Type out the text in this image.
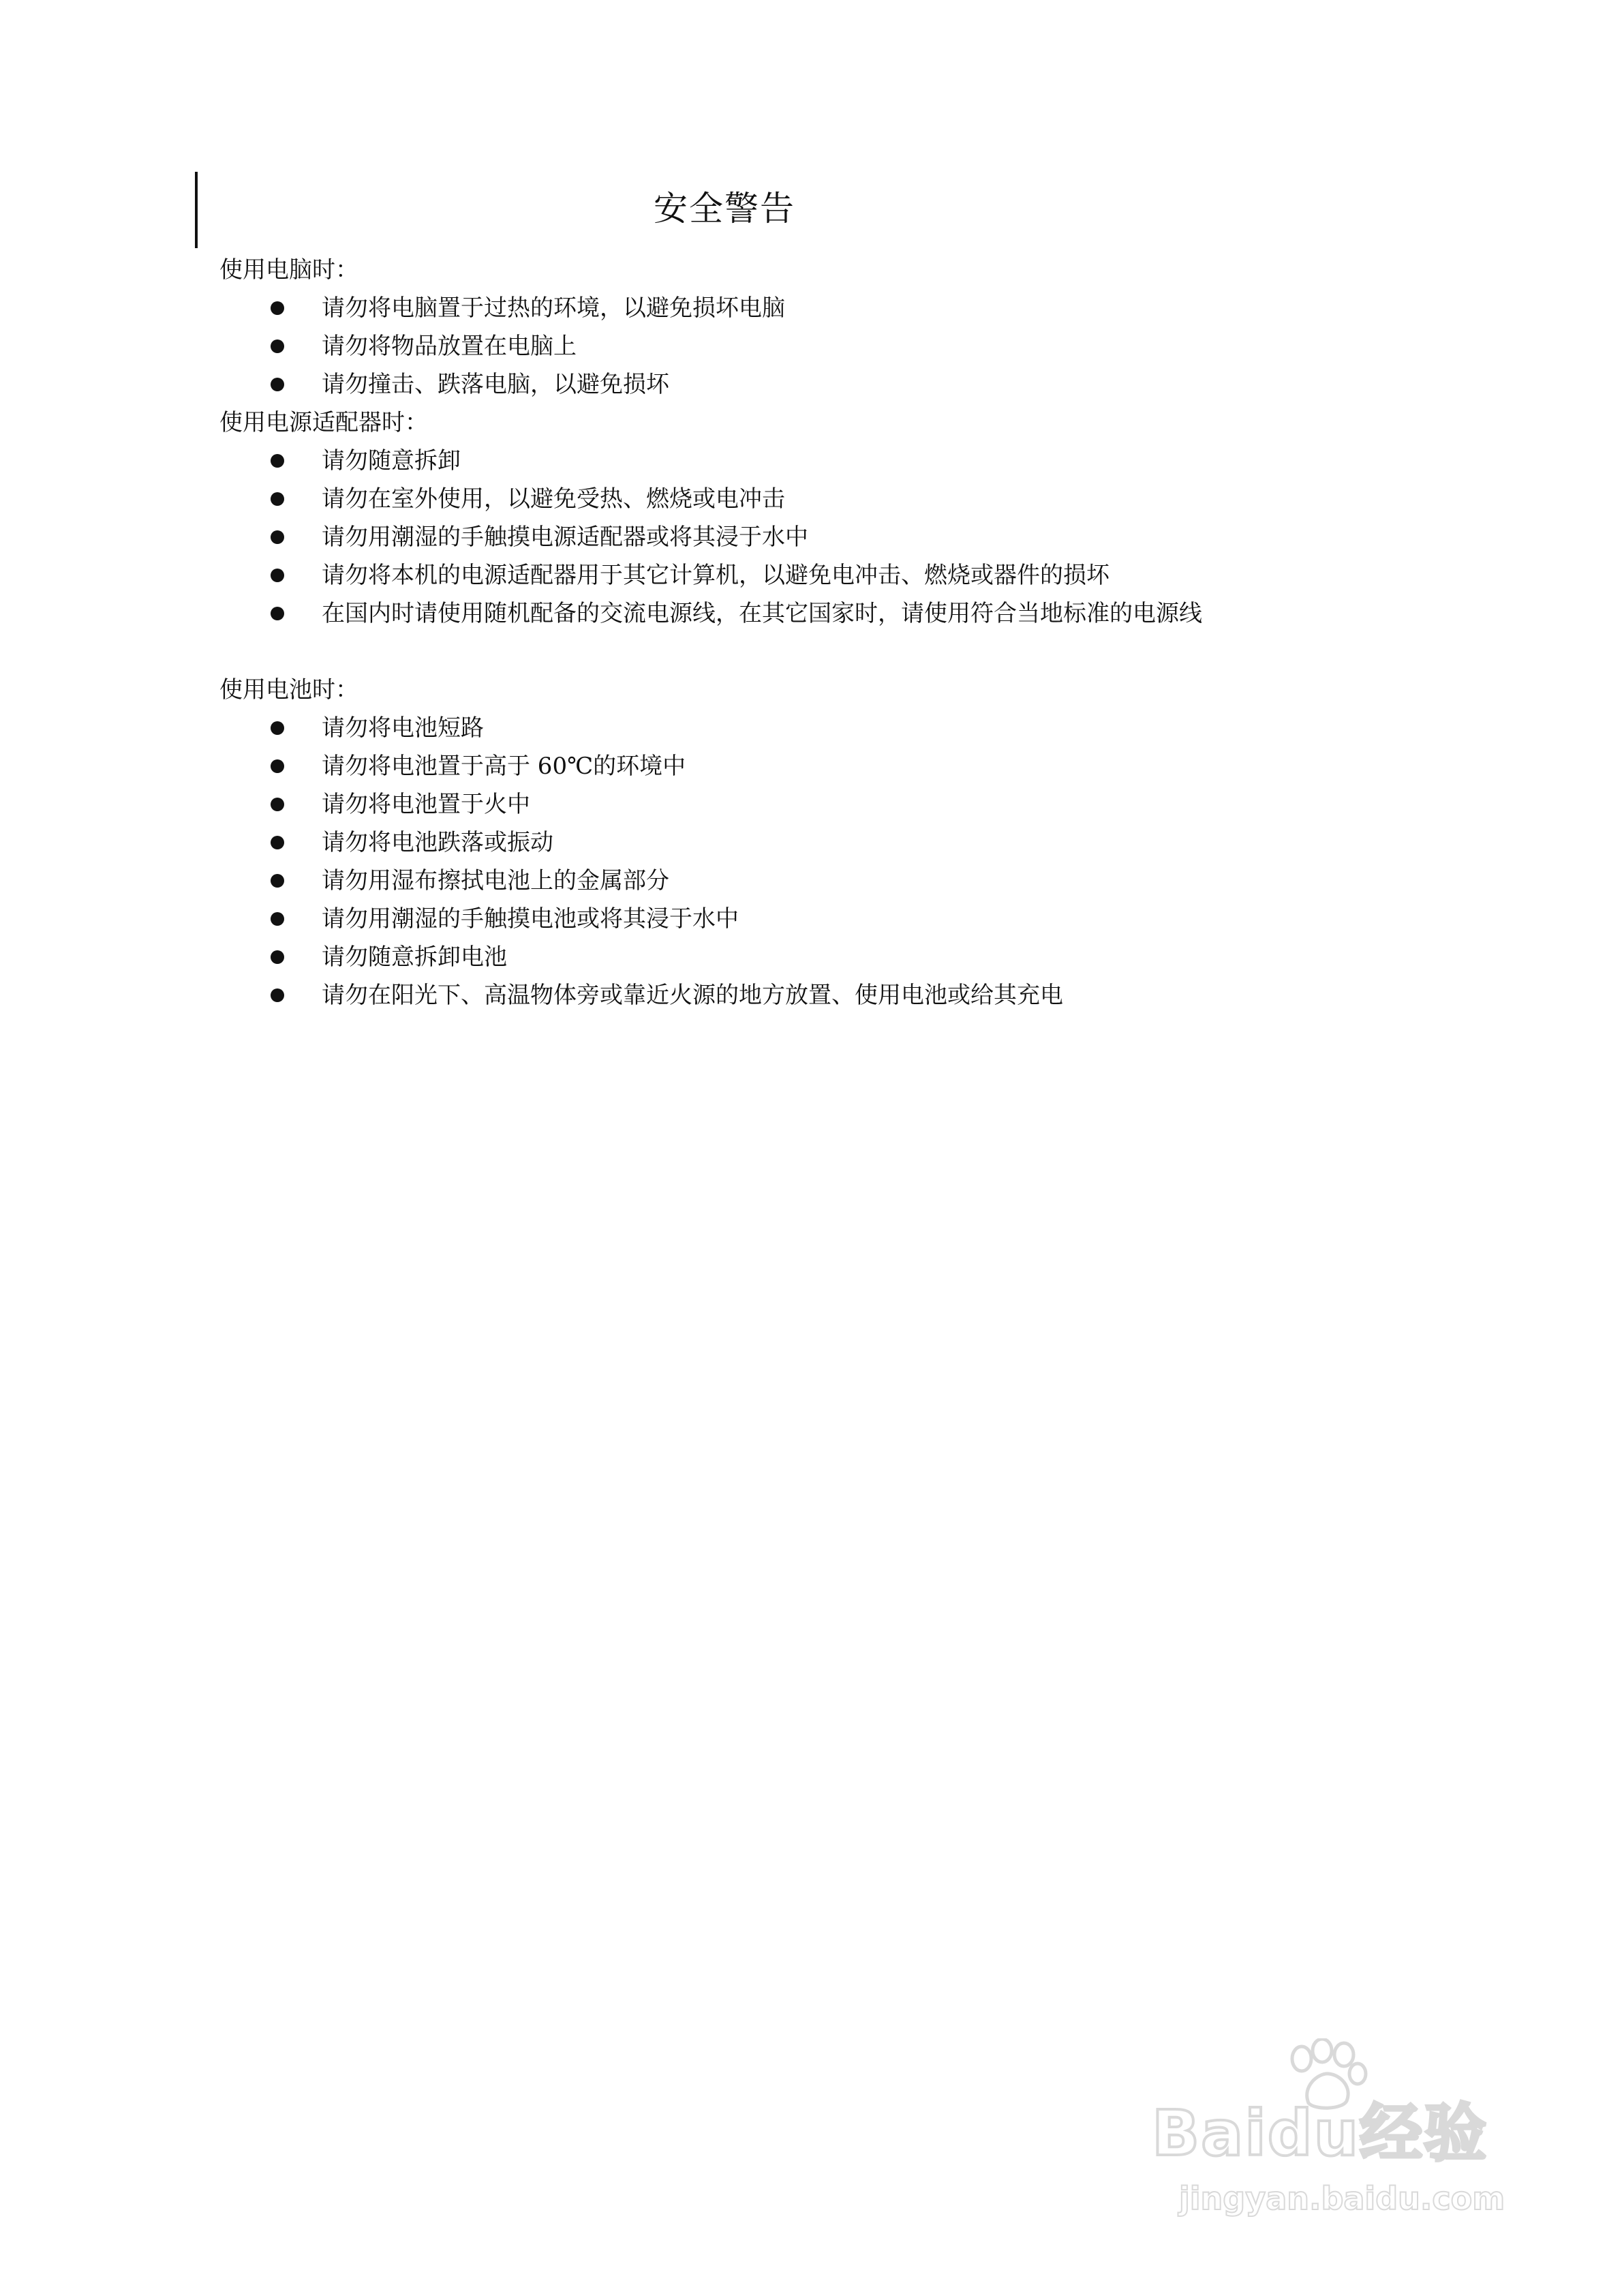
安全警告
使用电脑时：
请勿将电脑置于过热的环境，以避免损坏电脑
请勿将物品放置在电脑上
请勿撞击、跌落电脑，以避免损坏
使用电源适配器时：
请勿随意拆卸
请勿在室外使用，以避免受热、燃烧或电冲击
请勿用潮湿的手触摸电源适配器或将其浸于水中
请勿将本机的电源适配器用于其它计算机，以避免电冲击、燃烧或器件的损坏
在国内时请使用随机配备的交流电源线，在其它国家时，请使用符合当地标准的电源线
使用电池时：
请勿将电池短路
请勿将电池置于高于 60℃的环境中
请勿将电池置于火中
请勿将电池跌落或振动
请勿用湿布擦拭电池上的金属部分
请勿用潮湿的手触摸电池或将其浸于水中
请勿随意拆卸电池
请勿在阳光下、高温物体旁或靠近火源的地方放置、使用电池或给其充电
Baidu经验
jingyan.baidu.com
